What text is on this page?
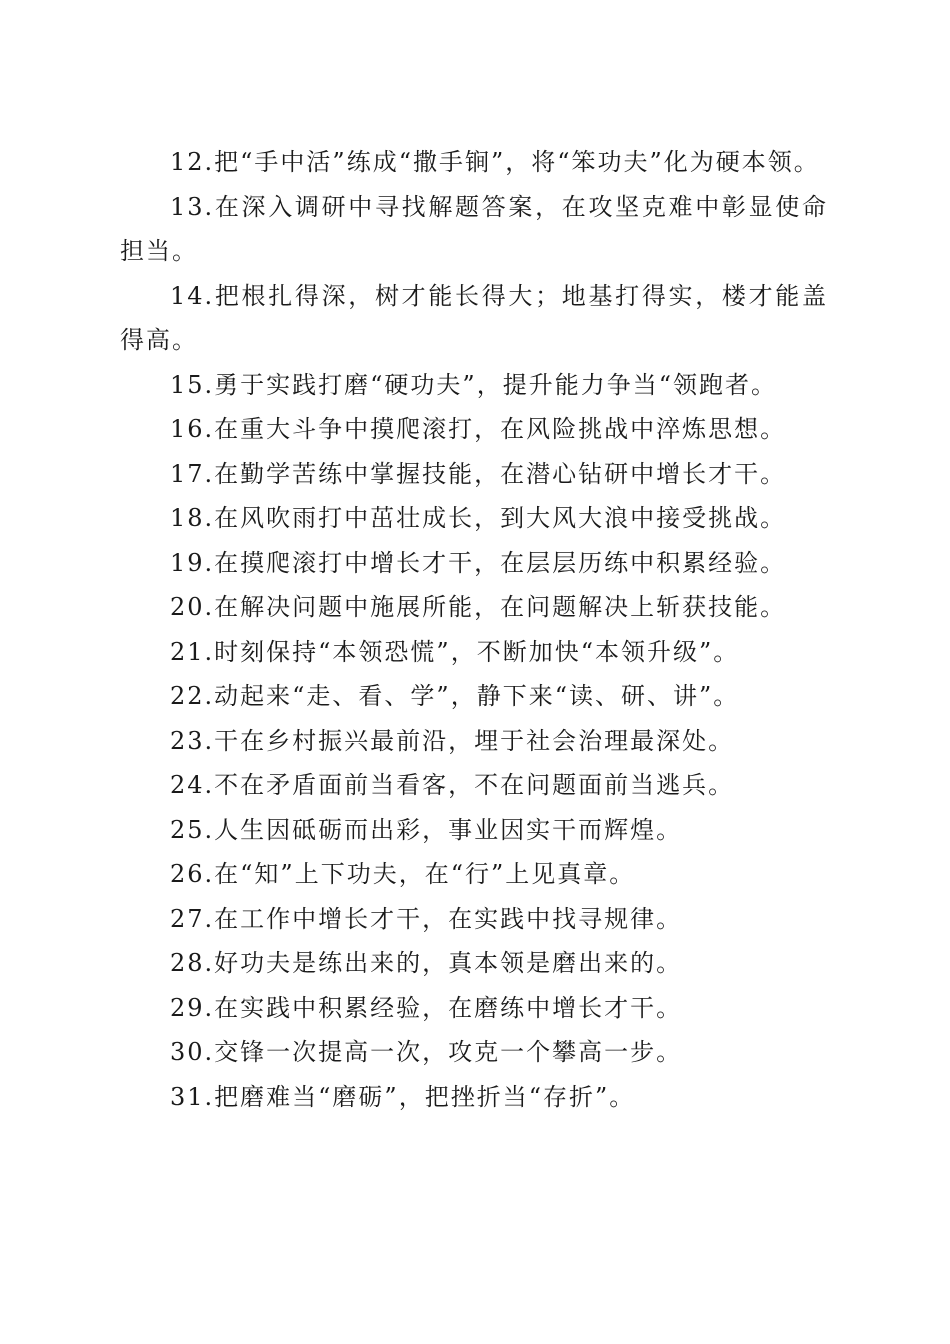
12.把“手中活”练成“撒手锏”，将“笨功夫”化为硬本领。

13.在深入调研中寻找解题答案，在攻坚克难中彰显使命担当。

14.把根扎得深，树才能长得大；地基打得实，楼才能盖得高。

15.勇于实践打磨“硬功夫”，提升能力争当“领跑者。

16.在重大斗争中摸爬滚打，在风险挑战中淬炼思想。

17.在勤学苦练中掌握技能，在潜心钻研中增长才干。

18.在风吹雨打中茁壮成长，到大风大浪中接受挑战。

19.在摸爬滚打中增长才干，在层层历练中积累经验。

20.在解决问题中施展所能，在问题解决上斩获技能。

21.时刻保持“本领恐慌”，不断加快“本领升级”。

22.动起来“走、看、学”，静下来“读、研、讲”。

23.干在乡村振兴最前沿，埋于社会治理最深处。

24.不在矛盾面前当看客，不在问题面前当逃兵。

25.人生因砥砺而出彩，事业因实干而辉煌。

26.在“知”上下功夫，在“行”上见真章。

27.在工作中增长才干，在实践中找寻规律。

28.好功夫是练出来的，真本领是磨出来的。

29.在实践中积累经验，在磨练中增长才干。

30.交锋一次提高一次，攻克一个攀高一步。

31.把磨难当“磨砺”，把挫折当“存折”。
